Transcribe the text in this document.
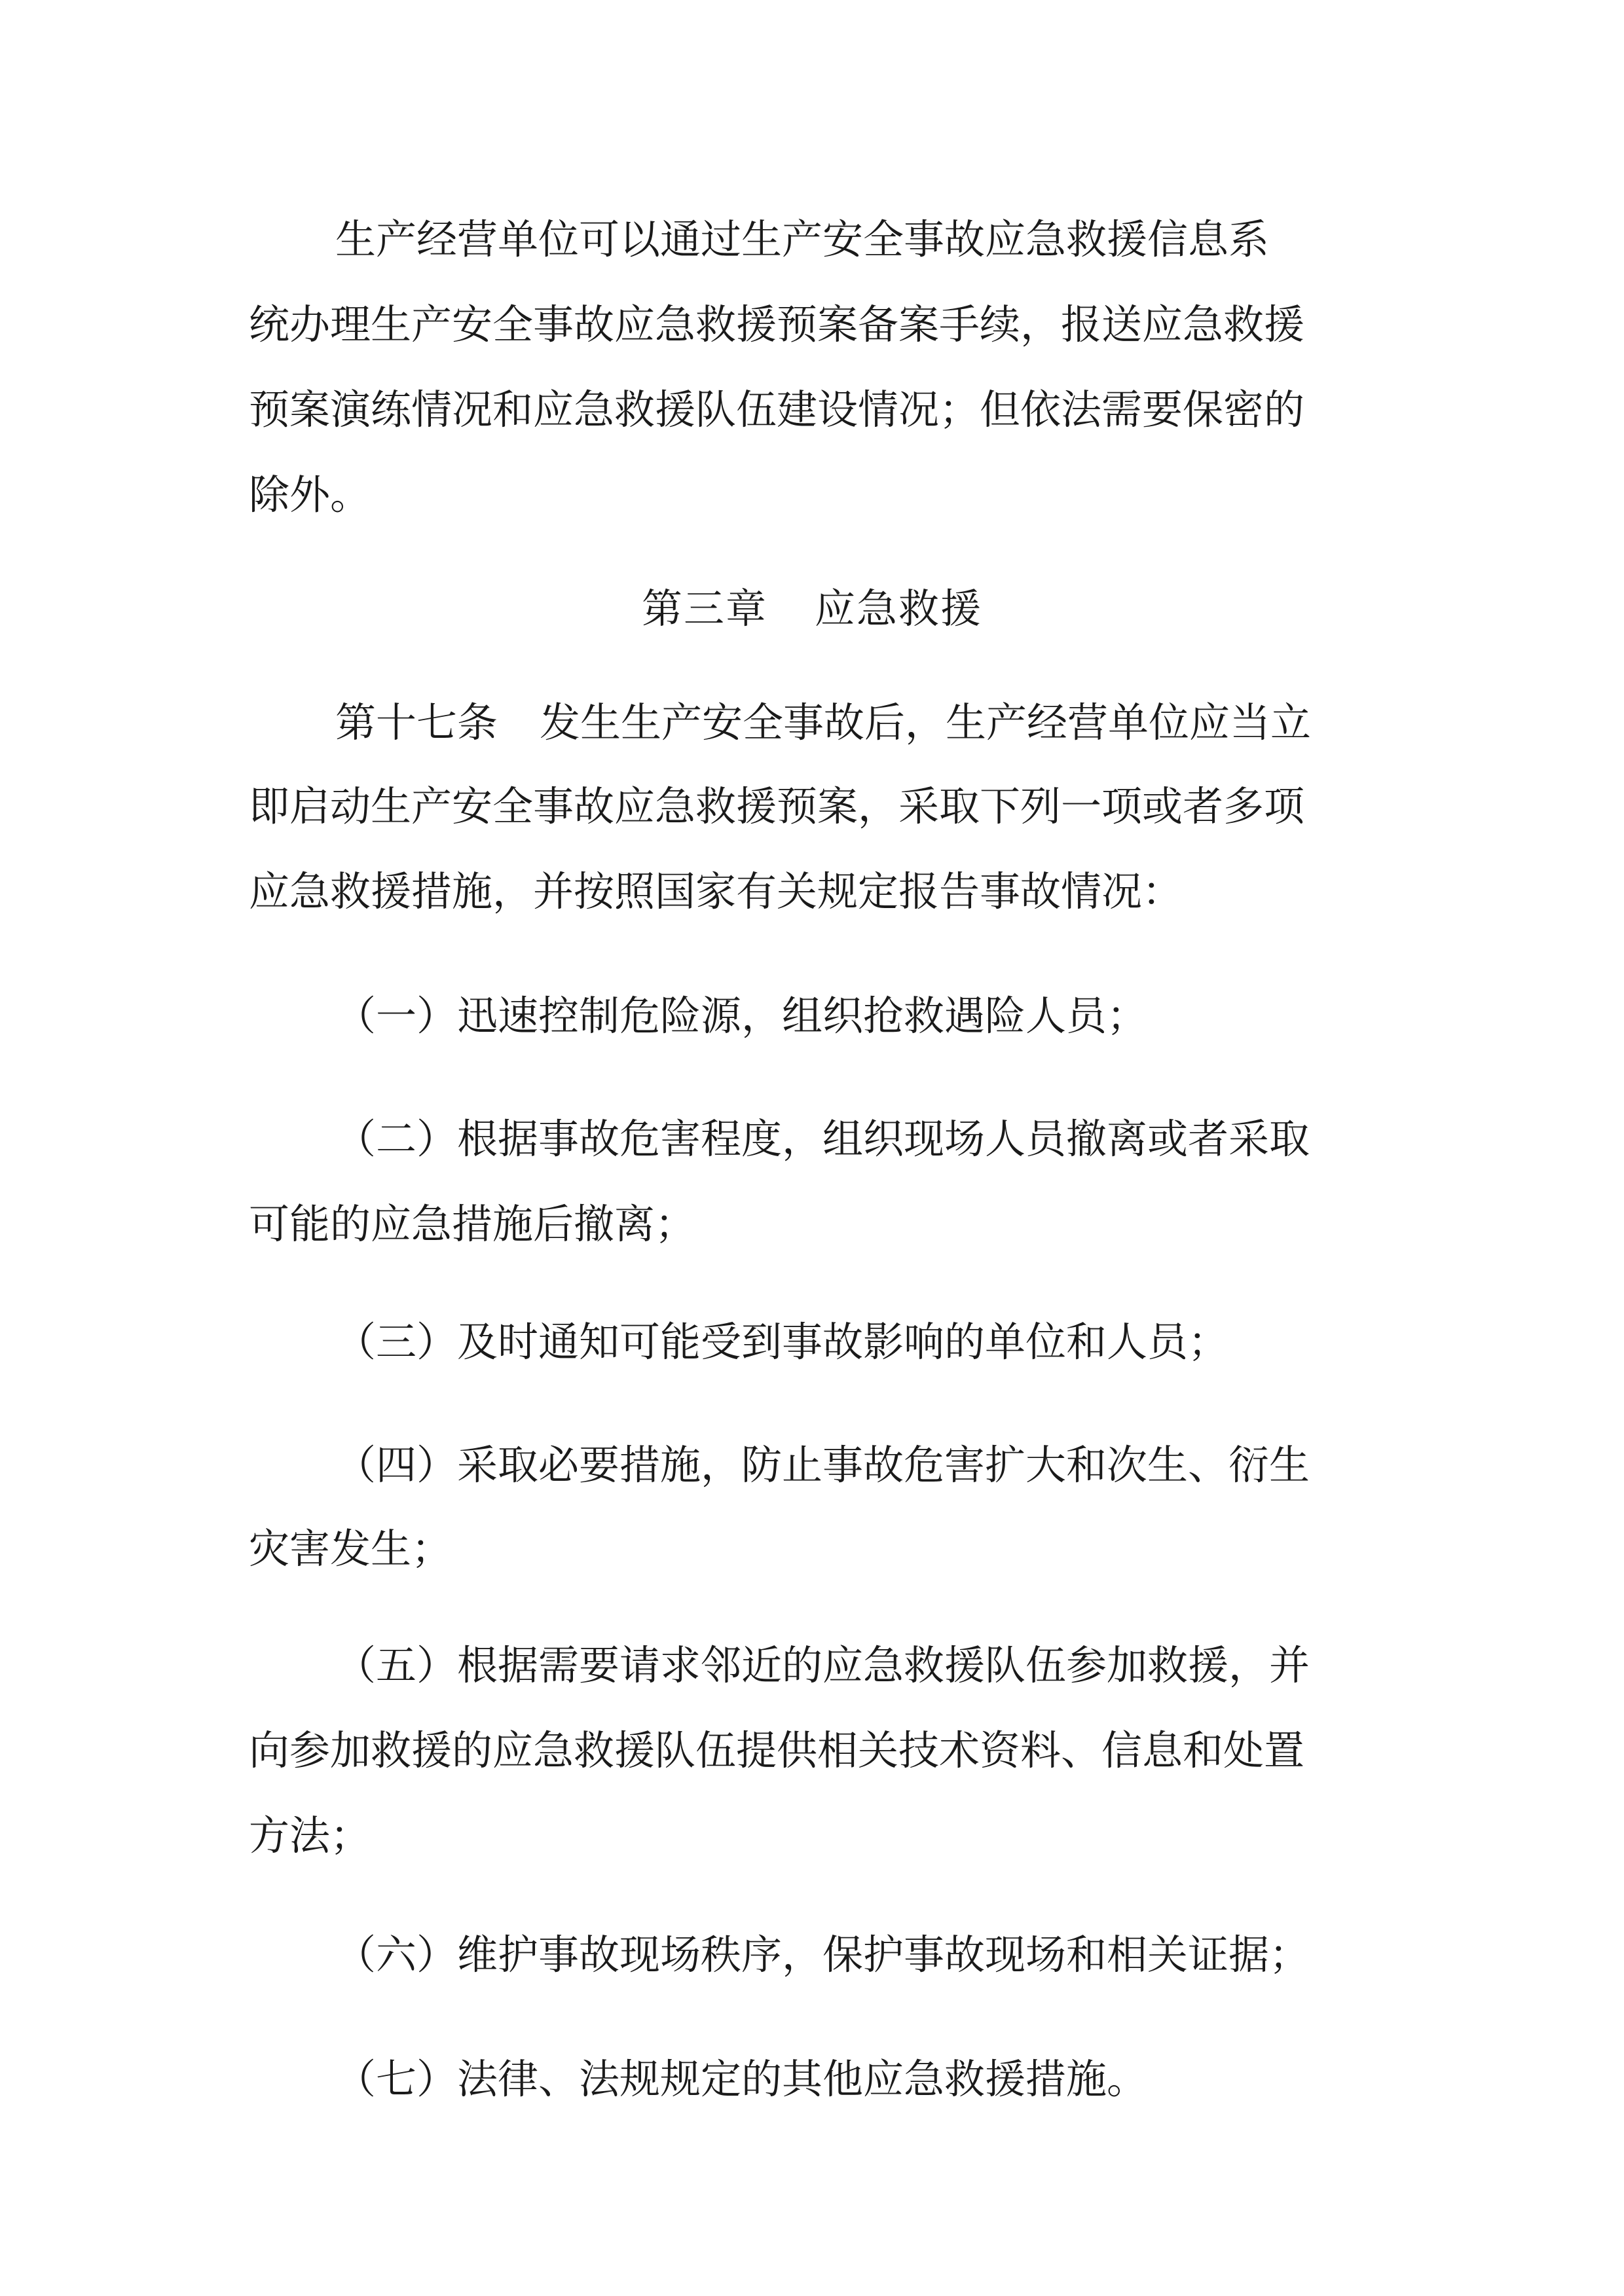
生产经营单位可以通过生产安全事故应急救援信息系
统办理生产安全事故应急救援预案备案手续，报送应急救援
预案演练情况和应急救援队伍建设情况；但依法需要保密的
除外。
第三章 应急救援
第十七条 发生生产安全事故后，生产经营单位应当立
即启动生产安全事故应急救援预案，采取下列一项或者多项
应急救援措施，并按照国家有关规定报告事故情况：
（一）迅速控制危险源，组织抢救遇险人员；
（二）根据事故危害程度，组织现场人员撤离或者采取
可能的应急措施后撤离；
（三）及时通知可能受到事故影响的单位和人员；
（四）采取必要措施，防止事故危害扩大和次生、衍生
灾害发生；
（五）根据需要请求邻近的应急救援队伍参加救援，并
向参加救援的应急救援队伍提供相关技术资料、信息和处置
方法；
（六）维护事故现场秩序，保护事故现场和相关证据；
（七）法律、法规规定的其他应急救援措施。
